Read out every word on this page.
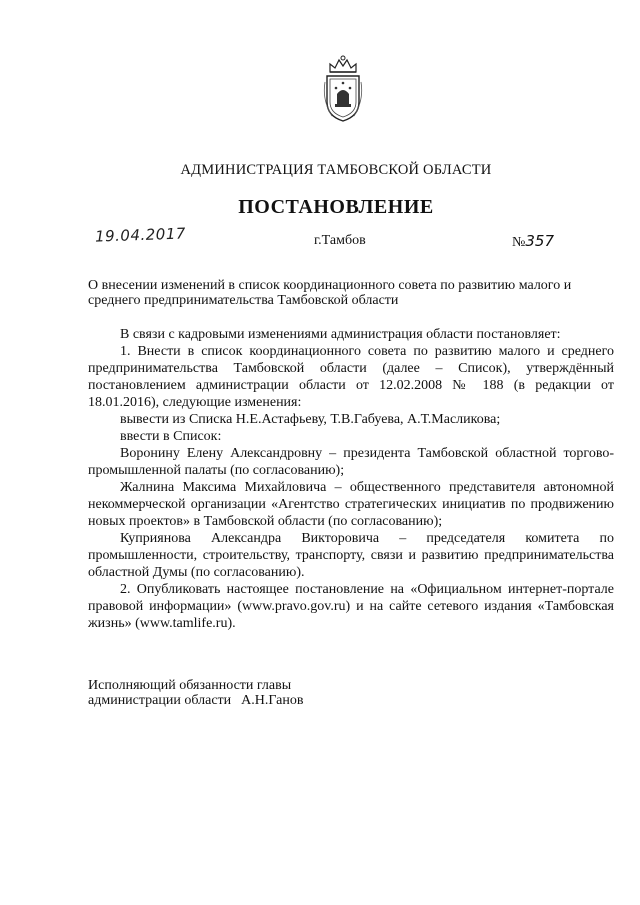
АДМИНИСТРАЦИЯ ТАМБОВСКОЙ ОБЛАСТИ
ПОСТАНОВЛЕНИЕ
19.04.2017	г.Тамбов	№357
О внесении изменений в список координационного совета по развитию малого и среднего предпринимательства Тамбовской области

В связи с кадровыми изменениями администрация области постановляет:

1. Внести в список координационного совета по развитию малого и среднего предпринимательства Тамбовской области (далее – Список), утверждённый постановлением администрации области от 12.02.2008 № 188 (в редакции от 18.01.2016), следующие изменения:

вывести из Списка Н.Е.Астафьеву, Т.В.Габуева, А.Т.Масликова;

ввести в Список:

Воронину Елену Александровну – президента Тамбовской областной торгово-промышленной палаты (по согласованию);

Жалнина Максима Михайловича – общественного представителя автономной некоммерческой организации «Агентство стратегических инициатив по продвижению новых проектов» в Тамбовской области (по согласованию);

Куприянова Александра Викторовича – председателя комитета по промышленности, строительству, транспорту, связи и развитию предпринимательства областной Думы (по согласованию).

2. Опубликовать настоящее постановление на «Официальном интернет-портале правовой информации» (www.pravo.gov.ru) и на сайте сетевого издания «Тамбовская жизнь» (www.tamlife.ru).

Исполняющий обязанности главы
администрации области А.Н.Ганов
